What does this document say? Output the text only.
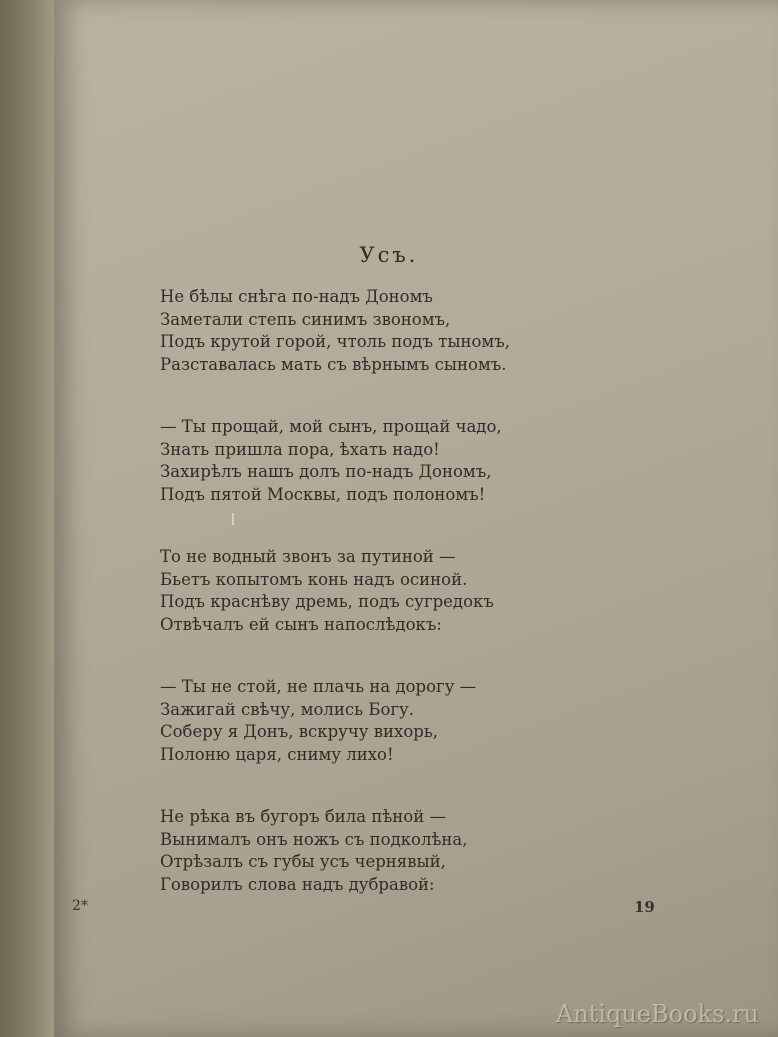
Усъ.
Не бѣлы снѣга по-надъ Дономъ
Заметали степь синимъ звономъ,
Подъ крутой горой, чтоль подъ тыномъ,
Разставалась мать съ вѣрнымъ сыномъ.
— Ты прощай, мой сынъ, прощай чадо,
Знать пришла пора, ѣхать надо!
Захирѣлъ нашъ долъ по-надъ Дономъ,
Подъ пятой Москвы, подъ полономъ!
То не водный звонъ за путиной —
Бьетъ копытомъ конь надъ осиной.
Подъ краснѣву дремь, подъ сугредокъ
Отвѣчалъ ей сынъ напослѣдокъ:
— Ты не стой, не плачь на дорогу —
Зажигай свѣчу, молись Богу.
Соберу я Донъ, вскручу вихорь,
Полоню царя, сниму лихо!
Не рѣка въ бугоръ била пѣной —
Вынималъ онъ ножъ съ подколѣна,
Отрѣзалъ съ губы усъ чернявый,
Говорилъ слова надъ дубравой:
2*	19
AntiqueBooks.ru
